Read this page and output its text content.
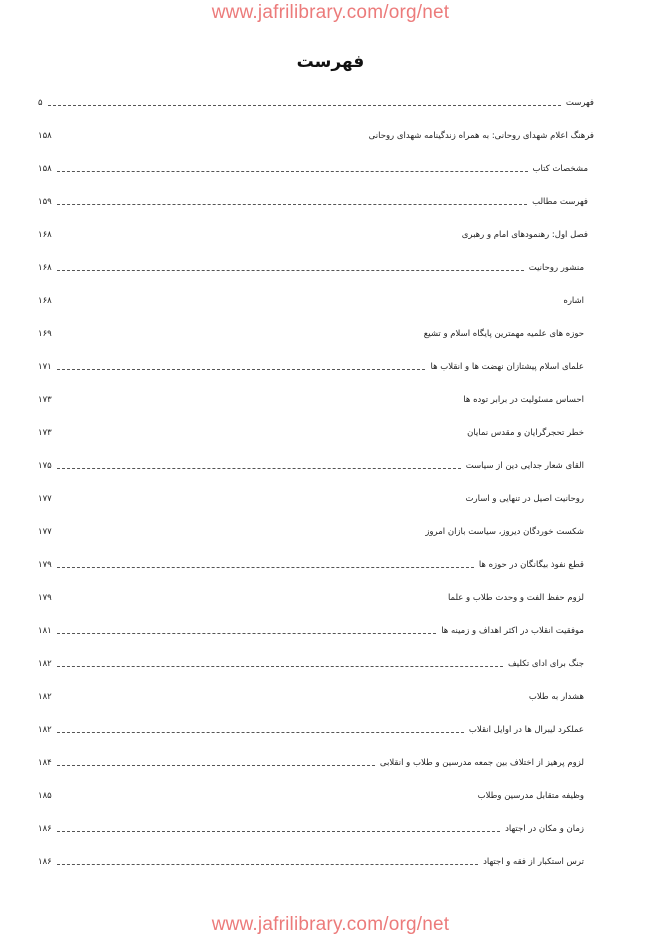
www.jafrilibrary.com/org/net
فهرست
فهرست
۵
فرهنگ اعلام شهدای روحانی: به همراه زندگینامه شهدای روحانی
۱۵۸
مشخصات كتاب
۱۵۸
فهرست مطالب
۱۵۹
فصل اول: رهنمودهای امام و رهبری
۱۶۸
منشور روحانيت
۱۶۸
اشاره
۱۶۸
حوزه های علميه مهمترين پايگاه اسلام و تشيع
۱۶۹
علمای اسلام پيشتازان نهضت ها و انقلاب ها
۱۷۱
احساس مسئوليت در برابر توده ها
۱۷۳
خطر تحجرگرايان و مقدس نمايان
۱۷۳
القای شعار جدايی دين از سياست
۱۷۵
روحانيت اصيل در تنهايی و اسارت
۱۷۷
شكست خوردگان ديروز، سياست بازان امروز
۱۷۷
قطع نفوذ بيگانگان در حوزه ها
۱۷۹
لزوم حفظ الفت و وحدت طلاب و علما
۱۷۹
موفقيت انقلاب در اكثر اهداف و زمينه ها
۱۸۱
جنگ برای ادای تكليف
۱۸۲
هشدار به طلاب
۱۸۲
عملكرد ليبرال ها در اوايل انقلاب
۱۸۲
لزوم پرهيز از اختلاف بين جمعه مدرسين و طلاب و انقلابی
۱۸۴
وظيفه متقابل مدرسين وطلاب
۱۸۵
زمان و مكان در اجتهاد
۱۸۶
ترس استكبار از فقه و اجتهاد
۱۸۶
www.jafrilibrary.com/org/net
